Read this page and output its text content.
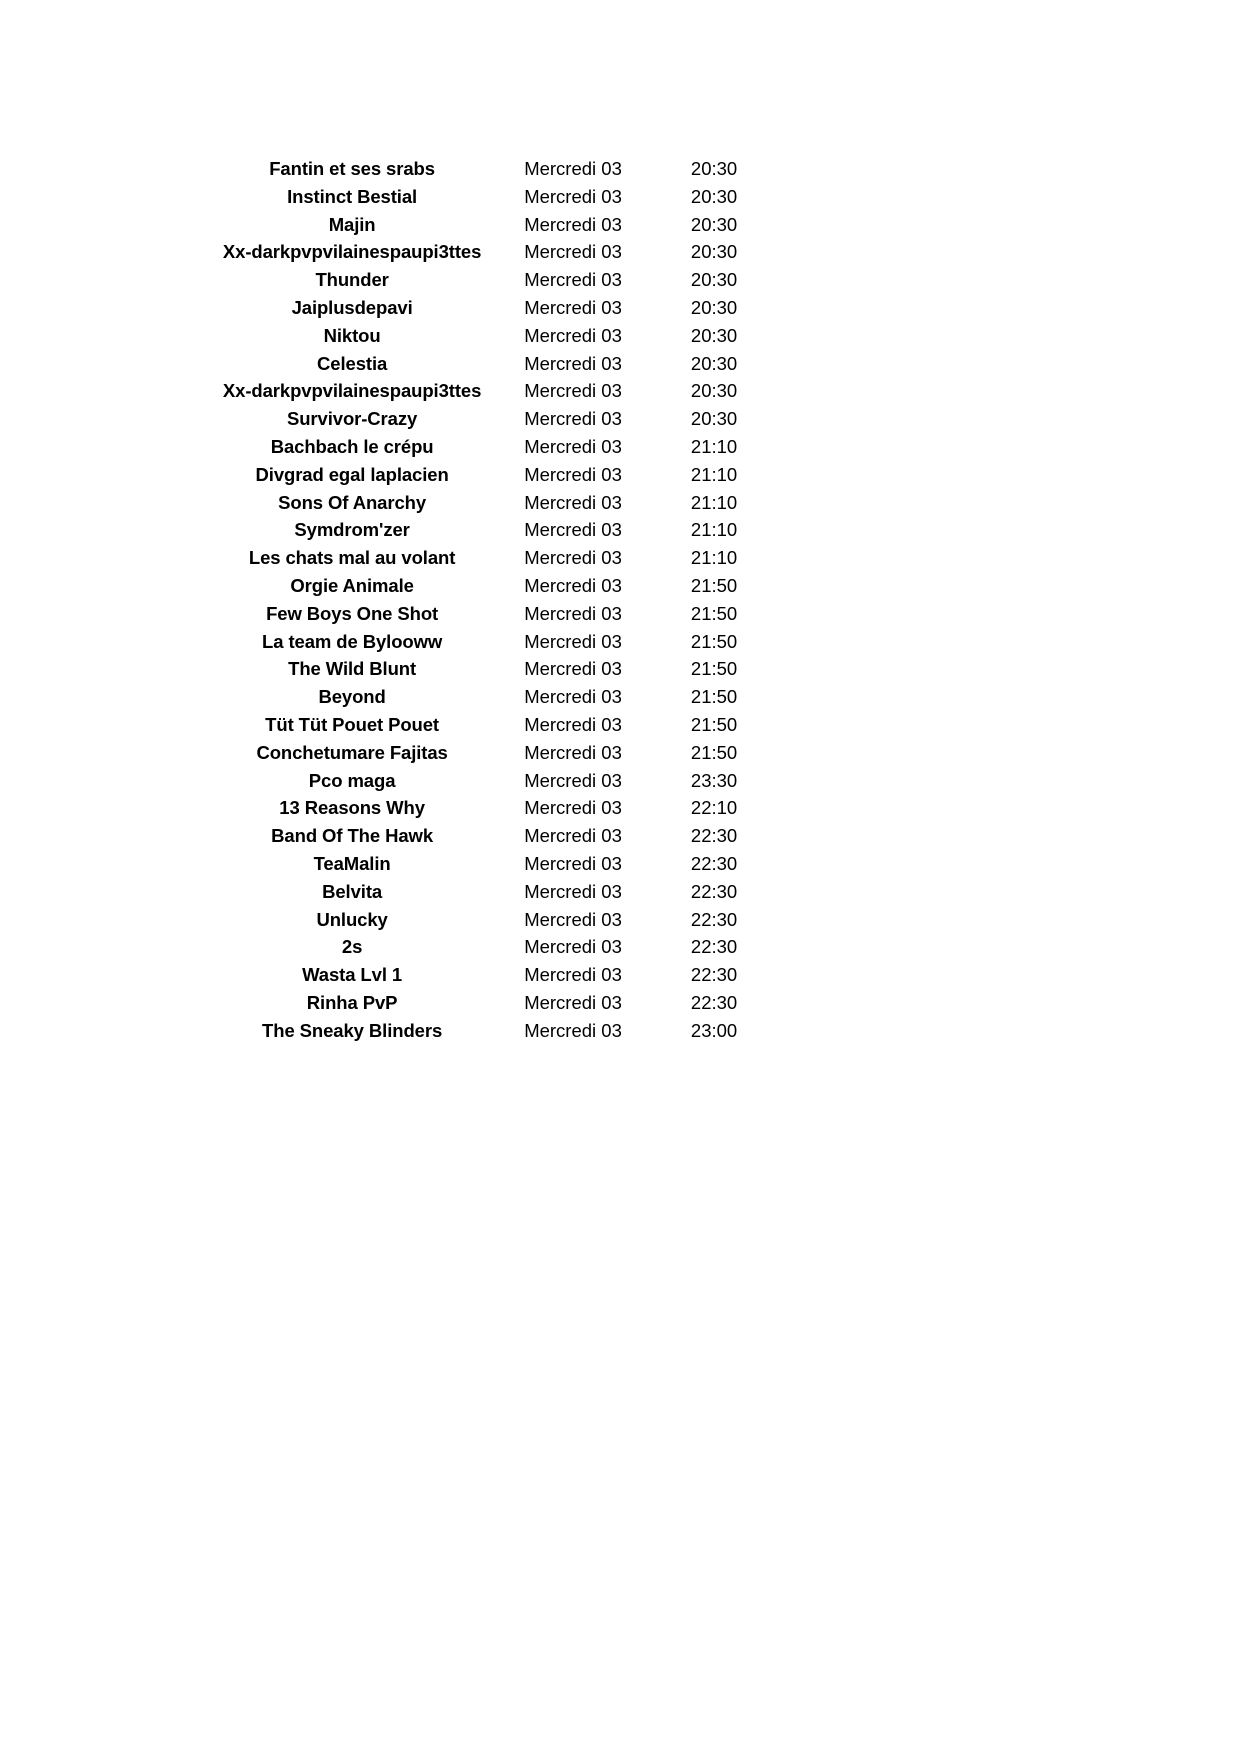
Fantin et ses srabs	Mercredi 03	20:30
Instinct Bestial	Mercredi 03	20:30
Majin	Mercredi 03	20:30
Xx-darkpvpvilainespaupi3ttes	Mercredi 03	20:30
Thunder	Mercredi 03	20:30
Jaiplusdepavi	Mercredi 03	20:30
Niktou	Mercredi 03	20:30
Celestia	Mercredi 03	20:30
Xx-darkpvpvilainespaupi3ttes	Mercredi 03	20:30
Survivor-Crazy	Mercredi 03	20:30
Bachbach le crépu	Mercredi 03	21:10
Divgrad egal laplacien	Mercredi 03	21:10
Sons Of Anarchy	Mercredi 03	21:10
Symdrom'zer	Mercredi 03	21:10
Les chats mal au volant	Mercredi 03	21:10
Orgie Animale	Mercredi 03	21:50
Few Boys One Shot	Mercredi 03	21:50
La team de Bylooww	Mercredi 03	21:50
The Wild Blunt	Mercredi 03	21:50
Beyond	Mercredi 03	21:50
Tüt Tüt Pouet Pouet	Mercredi 03	21:50
Conchetumare Fajitas	Mercredi 03	21:50
Pco maga	Mercredi 03	23:30
13 Reasons Why	Mercredi 03	22:10
Band Of The Hawk	Mercredi 03	22:30
TeaMalin	Mercredi 03	22:30
Belvita	Mercredi 03	22:30
Unlucky	Mercredi 03	22:30
2s	Mercredi 03	22:30
Wasta Lvl 1	Mercredi 03	22:30
Rinha PvP	Mercredi 03	22:30
The Sneaky Blinders	Mercredi 03	23:00
